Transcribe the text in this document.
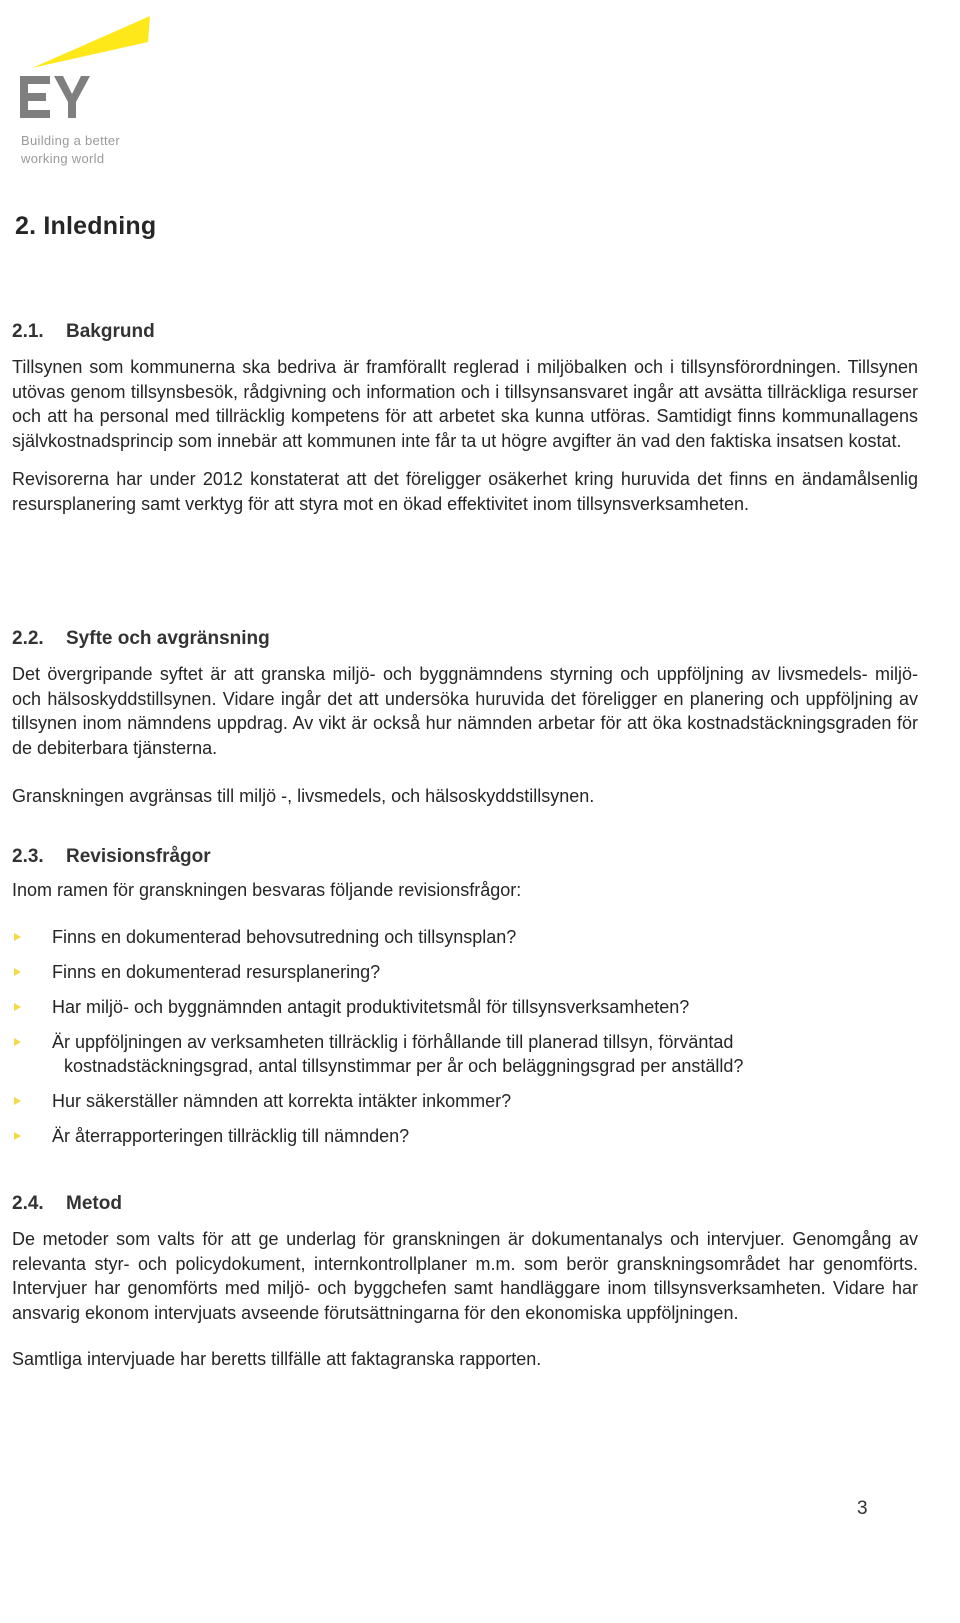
Building a better
working world
2. Inledning
2.1. Bakgrund

Tillsynen som kommunerna ska bedriva är framförallt reglerad i miljöbalken och i tillsynsförordningen. Tillsynen utövas genom tillsynsbesök, rådgivning och information och i tillsynsansvaret ingår att avsätta tillräckliga resurser och att ha personal med tillräcklig kompetens för att arbetet ska kunna utföras. Samtidigt finns kommunallagens självkostnadsprincip som innebär att kommunen inte får ta ut högre avgifter än vad den faktiska insatsen kostat.

Revisorerna har under 2012 konstaterat att det föreligger osäkerhet kring huruvida det finns en ändamålsenlig resursplanering samt verktyg för att styra mot en ökad effektivitet inom tillsynsverksamheten.

2.2. Syfte och avgränsning

Det övergripande syftet är att granska miljö- och byggnämndens styrning och uppföljning av livsmedels- miljö- och hälsoskyddstillsynen. Vidare ingår det att undersöka huruvida det föreligger en planering och uppföljning av tillsynen inom nämndens uppdrag. Av vikt är också hur nämnden arbetar för att öka kostnadstäckningsgraden för de debiterbara tjänsterna.

Granskningen avgränsas till miljö -, livsmedels, och hälsoskyddstillsynen.

2.3. Revisionsfrågor

Inom ramen för granskningen besvaras följande revisionsfrågor:

Finns en dokumenterad behovsutredning och tillsynsplan?
Finns en dokumenterad resursplanering?
Har miljö- och byggnämnden antagit produktivitetsmål för tillsynsverksamheten?
Är uppföljningen av verksamheten tillräcklig i förhållande till planerad tillsyn, förväntad
kostnadstäckningsgrad, antal tillsynstimmar per år och beläggningsgrad per anställd?
Hur säkerställer nämnden att korrekta intäkter inkommer?
Är återrapporteringen tillräcklig till nämnden?
2.4. Metod

De metoder som valts för att ge underlag för granskningen är dokumentanalys och intervjuer. Genomgång av relevanta styr- och policydokument, internkontrollplaner m.m. som berör granskningsområdet har genomförts. Intervjuer har genomförts med miljö- och byggchefen samt handläggare inom tillsynsverksamheten. Vidare har ansvarig ekonom intervjuats avseende förutsättningarna för den ekonomiska uppföljningen.

Samtliga intervjuade har beretts tillfälle att faktagranska rapporten.

3
